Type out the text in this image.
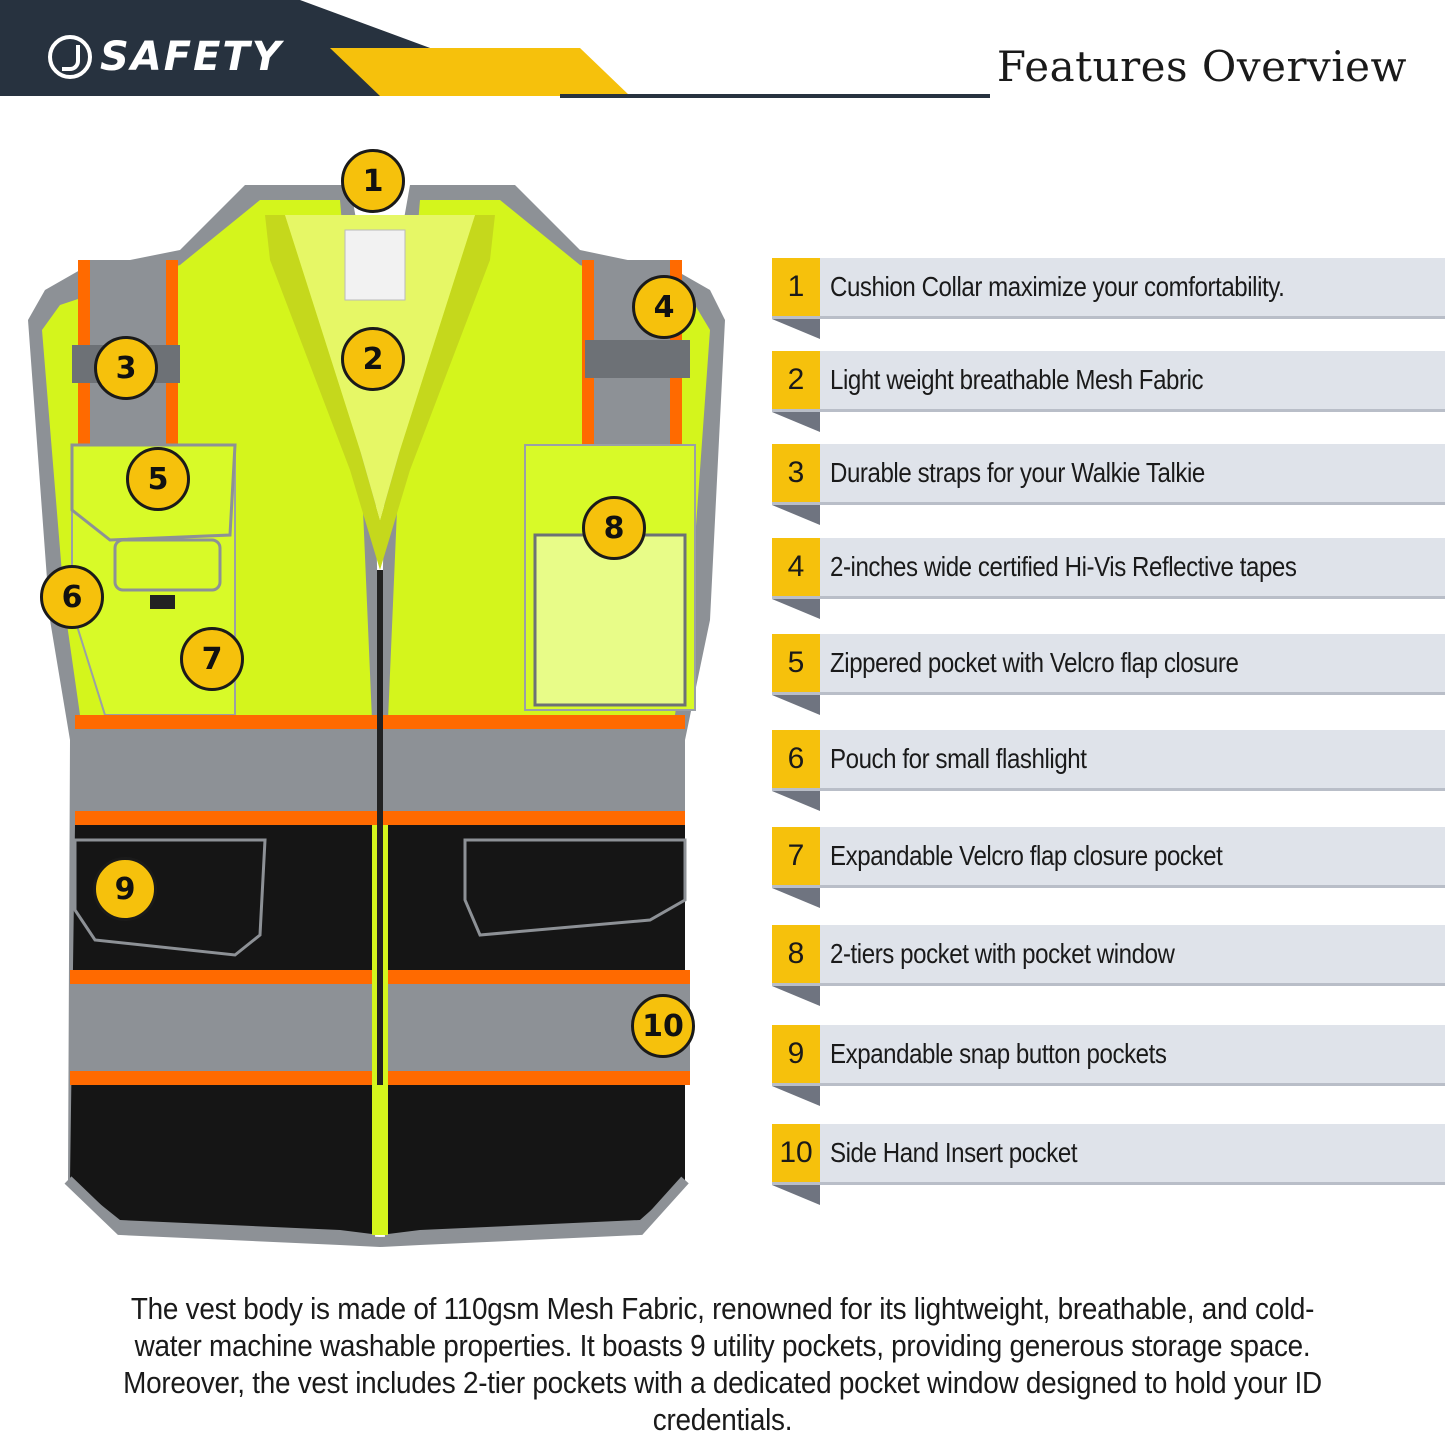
SAFETY	Features Overview
1
2
3
4
5
6
7
8
9
10
1 Cushion Collar maximize your comfortability.
2 Light weight breathable Mesh Fabric
3 Durable straps for your Walkie Talkie
4 2-inches wide certified Hi-Vis Reflective tapes
5 Zippered pocket with Velcro flap closure
6 Pouch for small flashlight
7 Expandable Velcro flap closure pocket
8 2-tiers pocket with pocket window
9 Expandable snap button pockets
10 Side Hand Insert pocket
The vest body is made of 110gsm Mesh Fabric, renowned for its lightweight, breathable, and cold-water machine washable properties. It boasts 9 utility pockets, providing generous storage space. Moreover, the vest includes 2-tier pockets with a dedicated pocket window designed to hold your ID credentials.
